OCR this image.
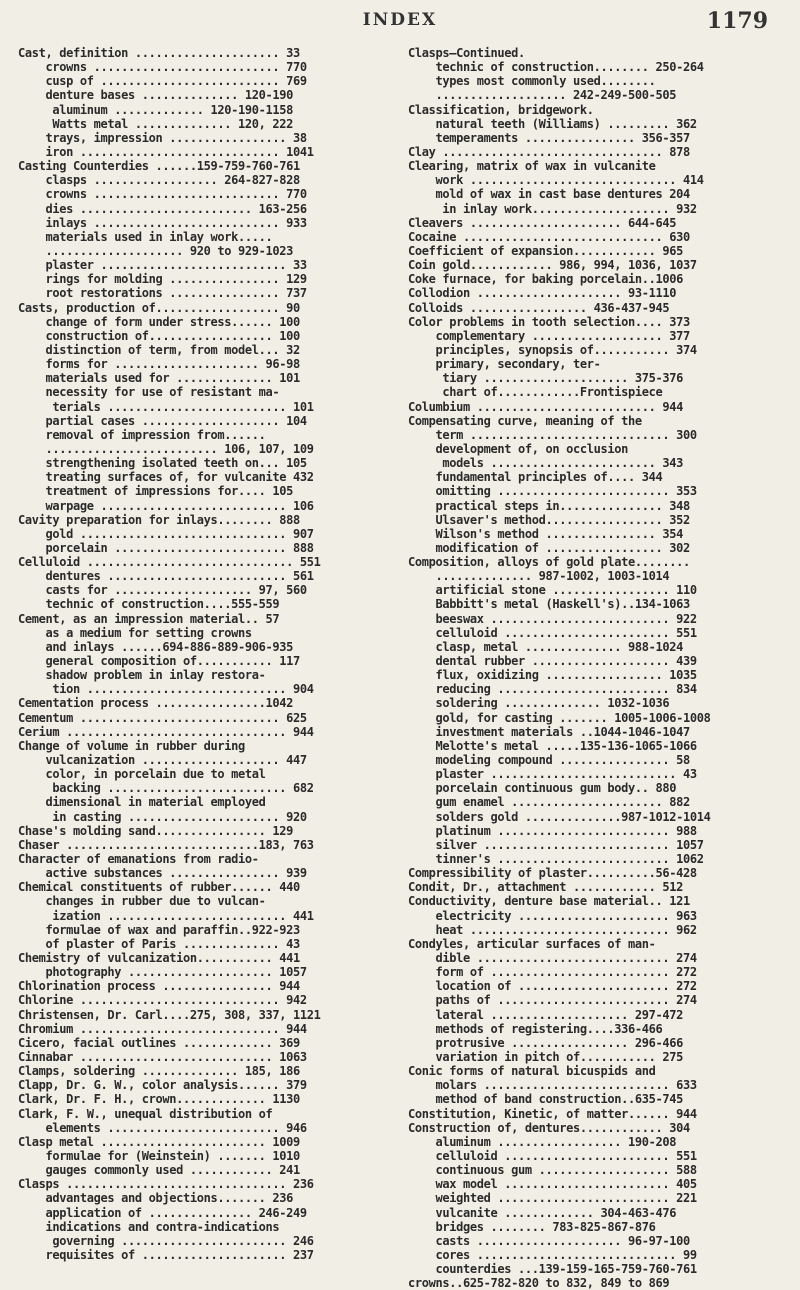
INDEX	1179
Cast, definition ..................... 33
crowns ........................... 770
cusp of .......................... 769
denture bases .............. 120-190
aluminum ............. 120-190-1158
Watts metal .............. 120, 222
trays, impression ................. 38
iron ............................. 1041
Casting Counterdies ......159-759-760-761
clasps .................. 264-827-828
crowns ........................... 770
dies ......................... 163-256
inlays ........................... 933
materials used in inlay work.....
.................... 920 to 929-1023
plaster ........................... 33
rings for molding ................ 129
root restorations ................ 737
Casts, production of.................. 90
change of form under stress...... 100
construction of.................. 100
distinction of term, from model... 32
forms for ..................... 96-98
materials used for .............. 101
necessity for use of resistant ma-
terials .......................... 101
partial cases .................... 104
removal of impression from......
......................... 106, 107, 109
strengthening isolated teeth on... 105
treating surfaces of, for vulcanite 432
treatment of impressions for.... 105
warpage ........................... 106
Cavity preparation for inlays........ 888
gold .............................. 907
porcelain ......................... 888
Celluloid .............................. 551
dentures .......................... 561
casts for .................... 97, 560
technic of construction....555-559
Cement, as an impression material.. 57
as a medium for setting crowns
and inlays ......694-886-889-906-935
general composition of........... 117
shadow problem in inlay restora-
tion ............................. 904
Cementation process ................1042
Cementum ............................. 625
Cerium ................................ 944
Change of volume in rubber during
vulcanization .................... 447
color, in porcelain due to metal
backing .......................... 682
dimensional in material employed
in casting ...................... 920
Chase's molding sand................ 129
Chaser ............................183, 763
Character of emanations from radio-
active substances ................ 939
Chemical constituents of rubber...... 440
changes in rubber due to vulcan-
ization .......................... 441
formulae of wax and paraffin..922-923
of plaster of Paris .............. 43
Chemistry of vulcanization........... 441
photography ..................... 1057
Chlorination process ................ 944
Chlorine ............................. 942
Christensen, Dr. Carl....275, 308, 337, 1121
Chromium ............................. 944
Cicero, facial outlines ............. 369
Cinnabar ............................ 1063
Clamps, soldering .............. 185, 186
Clapp, Dr. G. W., color analysis...... 379
Clark, Dr. F. H., crown............. 1130
Clark, F. W., unequal distribution of
elements ......................... 946
Clasp metal ........................ 1009
formulae for (Weinstein) ....... 1010
gauges commonly used ............ 241
Clasps ................................ 236
advantages and objections....... 236
application of ............... 246-249
indications and contra-indications
governing ........................ 246
requisites of ..................... 237
Clasps—Continued.
technic of construction........ 250-264
types most commonly used........
................... 242-249-500-505
Classification, bridgework.
natural teeth (Williams) ......... 362
temperaments ................ 356-357
Clay ................................ 878
Clearing, matrix of wax in vulcanite
work .............................. 414
mold of wax in cast base dentures 204
in inlay work.................... 932
Cleavers ...................... 644-645
Cocaine ............................. 630
Coefficient of expansion............ 965
Coin gold............ 986, 994, 1036, 1037
Coke furnace, for baking porcelain..1006
Collodion ..................... 93-1110
Colloids ................. 436-437-945
Color problems in tooth selection.... 373
complementary ................... 377
principles, synopsis of........... 374
primary, secondary, ter-
tiary ..................... 375-376
chart of............Frontispiece
Columbium .......................... 944
Compensating curve, meaning of the
term ............................. 300
development of, on occlusion
models ........................ 343
fundamental principles of.... 344
omitting ......................... 353
practical steps in............... 348
Ulsaver's method................. 352
Wilson's method ................ 354
modification of ................. 302
Composition, alloys of gold plate........
.............. 987-1002, 1003-1014
artificial stone ................. 110
Babbitt's metal (Haskell's)..134-1063
beeswax .......................... 922
celluloid ........................ 551
clasp, metal .............. 988-1024
dental rubber .................... 439
flux, oxidizing ................. 1035
reducing ......................... 834
soldering .............. 1032-1036
gold, for casting ....... 1005-1006-1008
investment materials ..1044-1046-1047
Melotte's metal .....135-136-1065-1066
modeling compound ................ 58
plaster ........................... 43
porcelain continuous gum body.. 880
gum enamel ...................... 882
solders gold ..............987-1012-1014
platinum ......................... 988
silver ........................... 1057
tinner's ......................... 1062
Compressibility of plaster..........56-428
Condit, Dr., attachment ............ 512
Conductivity, denture base material.. 121
electricity ...................... 963
heat ............................. 962
Condyles, articular surfaces of man-
dible ............................ 274
form of .......................... 272
location of ...................... 272
paths of ......................... 274
lateral .................... 297-472
methods of registering....336-466
protrusive ................. 296-466
variation in pitch of........... 275
Conic forms of natural bicuspids and
molars ........................... 633
method of band construction..635-745
Constitution, Kinetic, of matter...... 944
Construction of, dentures............ 304
aluminum .................. 190-208
celluloid ........................ 551
continuous gum ................... 588
wax model ........................ 405
weighted ......................... 221
vulcanite ............. 304-463-476
bridges ........ 783-825-867-876
casts ..................... 96-97-100
cores ............................. 99
counterdies ...139-159-165-759-760-761
crowns..625-782-820 to 832, 849 to 869
